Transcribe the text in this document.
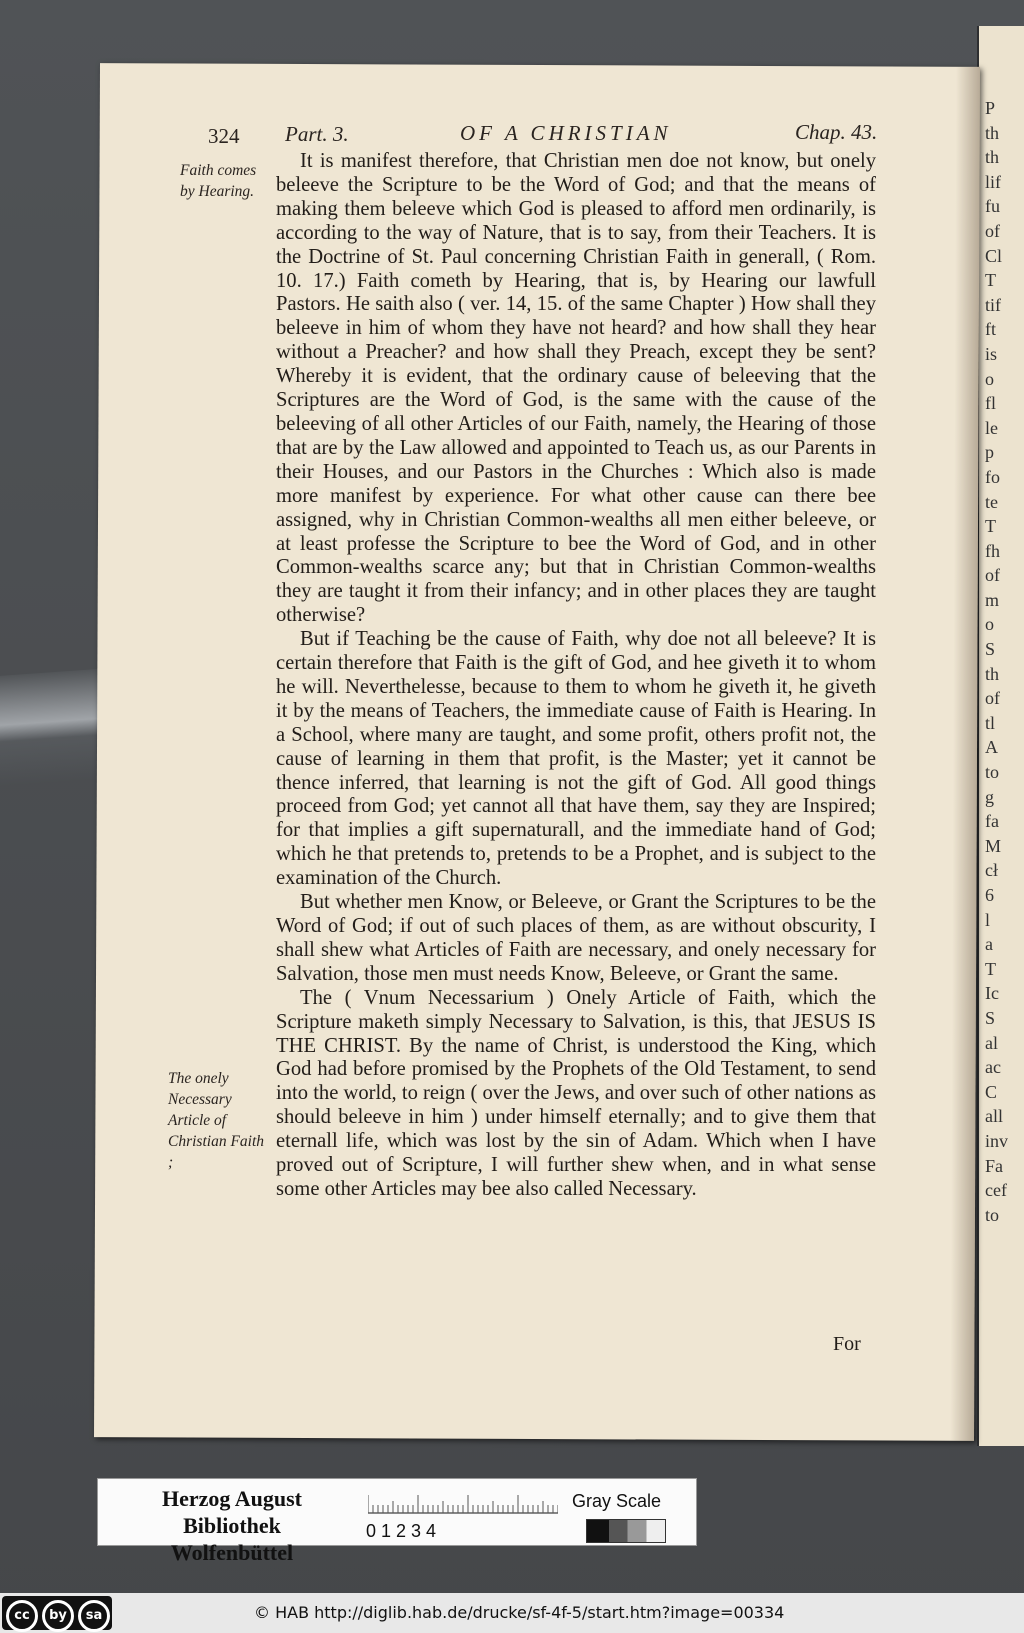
P
th
th
lif
fu
of
Cl
T
tif
ft
is
o
fl
le
p
fo
te
T
fh
of
m
o
S
th
of
tl
A
to
g
fa
M
cł
6
l
a
T
Ic
S
al
ac
C
all
inv
Fa
cef
to
324 Part. 3.	OF A CHRISTIAN	Chap. 43.
Faith comes by Hearing.
The onely Necessary Article of Christian Faith ;

It is manifest therefore, that Christian men doe not know, but onely beleeve the Scripture to be the Word of God; and that the means of making them beleeve which God is pleased to afford men ordinarily, is according to the way of Nature, that is to say, from their Teachers. It is the Doctrine of St. Paul concerning Christian Faith in generall, ( Rom. 10. 17.) Faith cometh by Hearing, that is, by Hearing our lawfull Pastors. He saith also ( ver. 14, 15. of the same Chapter ) How shall they beleeve in him of whom they have not heard? and how shall they hear without a Preacher? and how shall they Preach, except they be sent? Whereby it is evident, that the ordinary cause of beleeving that the Scriptures are the Word of God, is the same with the cause of the beleeving of all other Articles of our Faith, namely, the Hearing of those that are by the Law allowed and appointed to Teach us, as our Parents in their Houses, and our Pastors in the Churches : Which also is made more manifest by experience. For what other cause can there bee assigned, why in Christian Common-wealths all men either beleeve, or at least professe the Scripture to bee the Word of God, and in other Common-wealths scarce any; but that in Christian Common-wealths they are taught it from their infancy; and in other places they are taught otherwise?

But if Teaching be the cause of Faith, why doe not all beleeve? It is certain therefore that Faith is the gift of God, and hee giveth it to whom he will. Neverthelesse, because to them to whom he giveth it, he giveth it by the means of Teachers, the immediate cause of Faith is Hearing. In a School, where many are taught, and some profit, others profit not, the cause of learning in them that profit, is the Master; yet it cannot be thence inferred, that learning is not the gift of God. All good things proceed from God; yet cannot all that have them, say they are Inspired; for that implies a gift supernaturall, and the immediate hand of God; which he that pretends to, pretends to be a Prophet, and is subject to the examination of the Church.

But whether men Know, or Beleeve, or Grant the Scriptures to be the Word of God; if out of such places of them, as are without obscurity, I shall shew what Articles of Faith are necessary, and onely necessary for Salvation, those men must needs Know, Beleeve, or Grant the same.

The ( Vnum Necessarium ) Onely Article of Faith, which the Scripture maketh simply Necessary to Salvation, is this, that JESUS IS THE CHRIST. By the name of Christ, is understood the King, which God had before promised by the Prophets of the Old Testament, to send into the world, to reign ( over the Jews, and over such of other nations as should beleeve in him ) under himself eternally; and to give them that eternall life, which was lost by the sin of Adam. Which when I have proved out of Scripture, I will further shew when, and in what sense some other Articles may bee also called Necessary.

For
Herzog August Bibliothek
Wolfenbüttel
0 1 2 3 4
Gray Scale
cc	by	sa	© HAB http://diglib.hab.de/drucke/sf-4f-5/start.htm?image=00334
